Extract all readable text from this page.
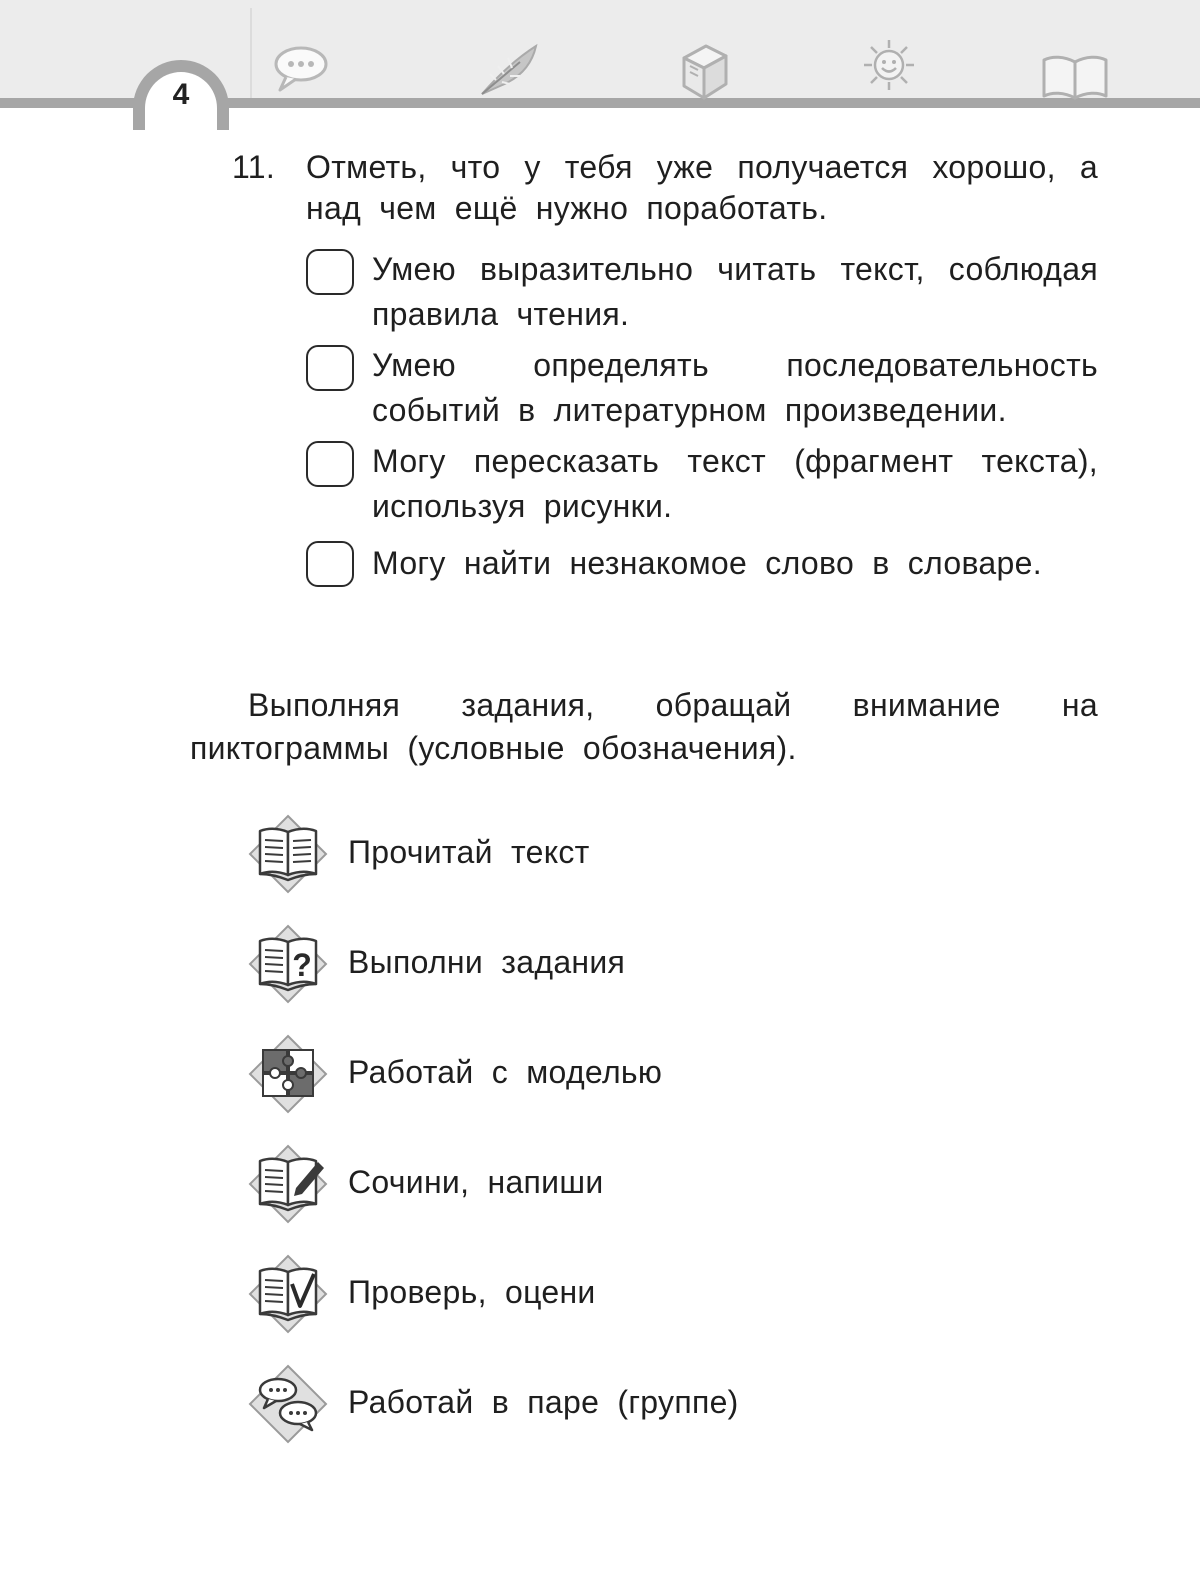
4
11. Отметь, что у тебя уже получается хорошо, а над чем ещё нужно поработать.
Умею выразительно читать текст, соблюдая правила чтения.
Умею определять последовательность событий в литературном произведении.
Могу пересказать текст (фрагмент текста), используя рисунки.
Могу найти незнакомое слово в словаре.
Выполняя задания, обращай внимание на пиктограммы (условные обозначения).
Прочитай текст
? Выполни задания
Работай с моделью
Сочини, напиши
Проверь, оцени
Работай в паре (группе)
